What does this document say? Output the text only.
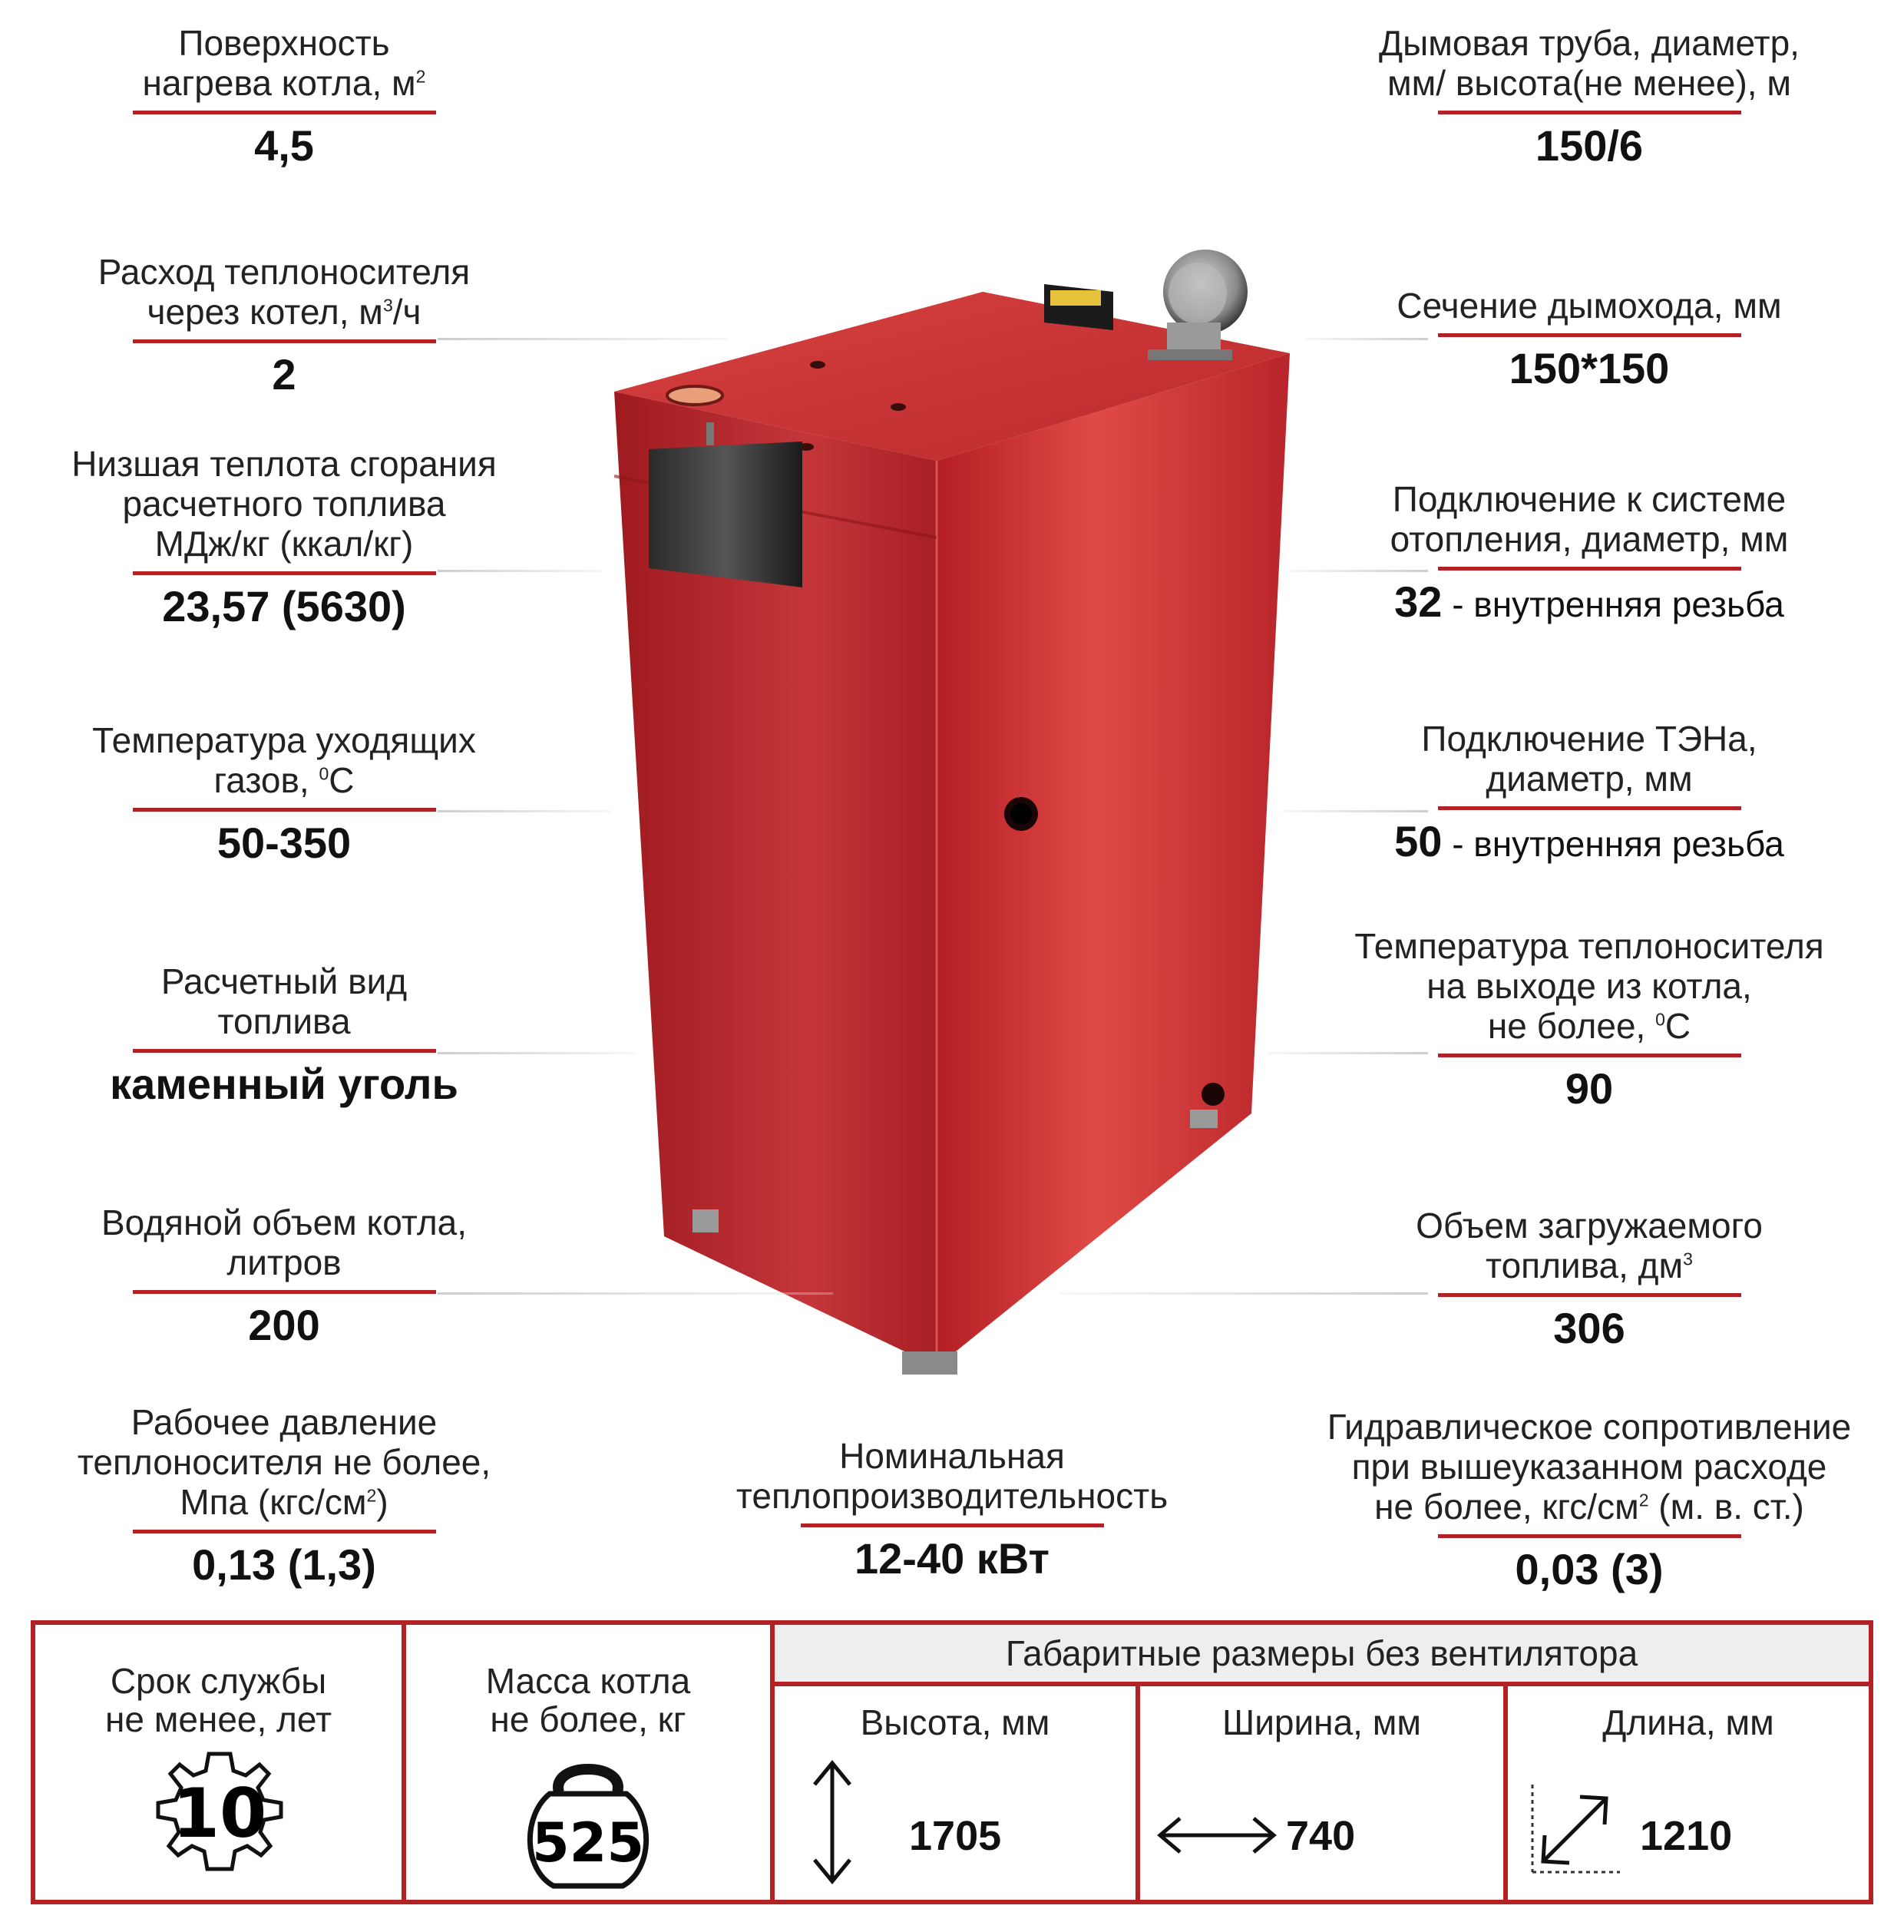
Поверхность
нагрева котла, $м^2$
4,5
Расход теплоносителя
через котел, $м^3/ч$
2
Низшая теплота сгорания
расчетного топлива
МДж/кг (ккал/кг)
23,57 (5630)
Температура уходящих
газов, $^0$С
50-350
Расчетный вид
топлива
каменный уголь
Водяной объем котла,
литров
200
Рабочее давление
теплоносителя не более,
Мпа $(кгс/см^2)$
0,13 (1,3)
Номинальная
теплопроизводительность
12-40 кВт
Дымовая труба, диаметр,
мм/ высота(не менее), м
150/6
Сечение дымохода, мм
150*150
Подключение к системе
отопления, диаметр, мм
32 - внутренняя резьба
Подключение ТЭНа,
диаметр, мм
50 - внутренняя резьба
Температура теплоносителя
на выходе из котла,
не более, $^0$С
90
Объем загружаемого
топлива, $дм^3$
306
Гидравлическое сопротивление
при вышеуказанном расходе
не более, кгс/$см^2$ (м. в. ст.)
0,03 (3)
Срок службы
не менее, лет
10
Масса котла
не более, кг
525
Габаритные размеры без вентилятора
Высота, мм
1705
Ширина, мм
740
Длина, мм
1210
